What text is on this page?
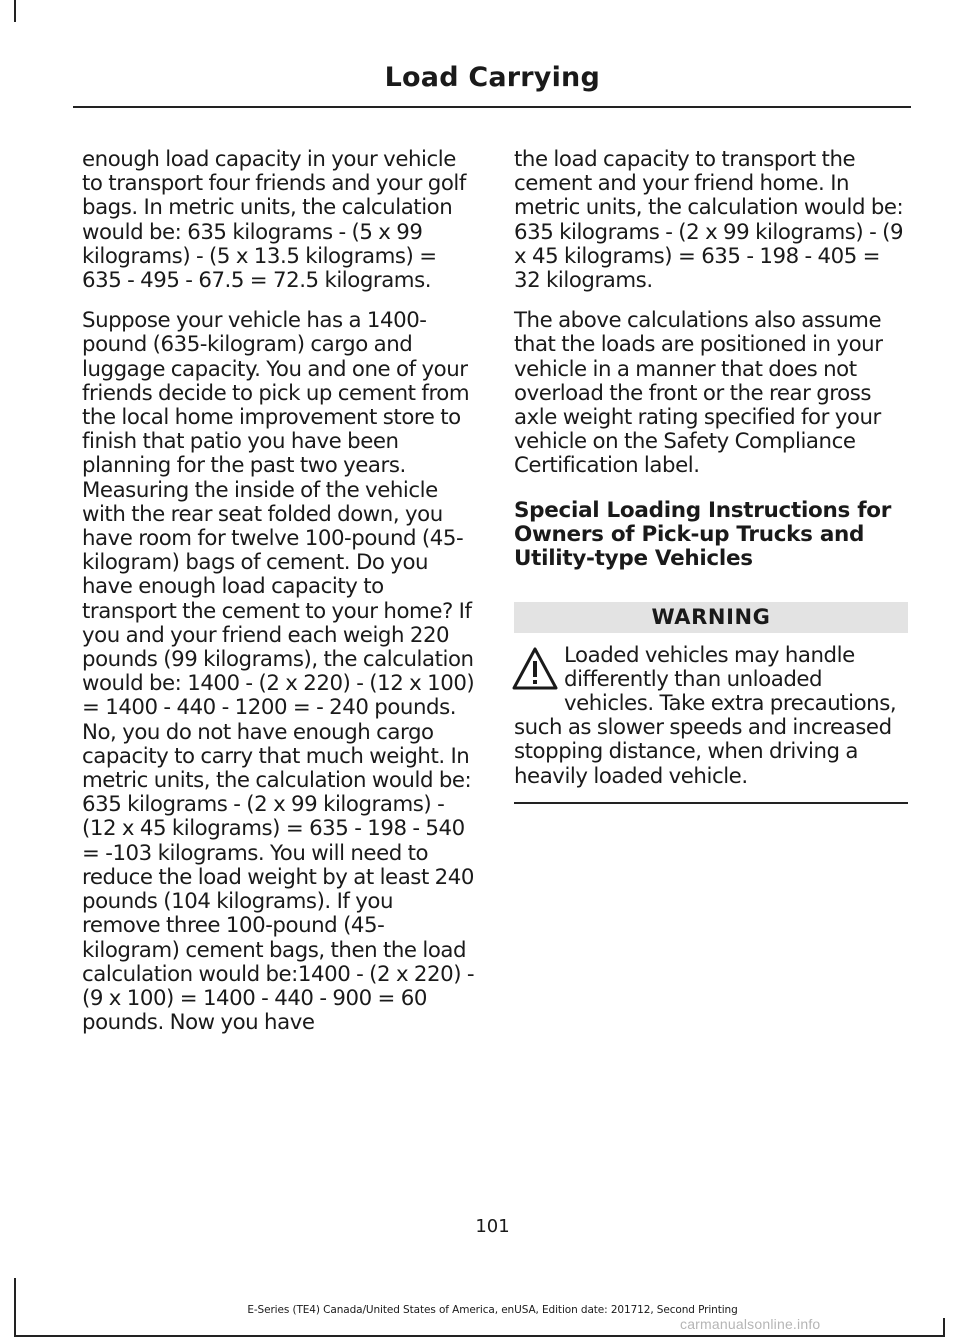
Load Carrying

enough load capacity in your vehicle to transport four friends and your golf bags. In metric units, the calculation would be: 635 kilograms - (5 x 99 kilograms) - (5 x 13.5 kilograms) = 635 - 495 - 67.5 = 72.5 kilograms.

Suppose your vehicle has a 1400-pound (635-kilogram) cargo and luggage capacity. You and one of your friends decide to pick up cement from the local home improvement store to finish that patio you have been planning for the past two years. Measuring the inside of the vehicle with the rear seat folded down, you have room for twelve 100-pound (45-kilogram) bags of cement. Do you have enough load capacity to transport the cement to your home? If you and your friend each weigh 220 pounds (99 kilograms), the calculation would be: 1400 - (2 x 220) - (12 x 100) = 1400 - 440 - 1200 = - 240 pounds. No, you do not have enough cargo capacity to carry that much weight. In metric units, the calculation would be: 635 kilograms - (2 x 99 kilograms) - (12 x 45 kilograms) = 635 - 198 - 540 = -103 kilograms. You will need to reduce the load weight by at least 240 pounds (104 kilograms). If you remove three 100-pound (45-kilogram) cement bags, then the load calculation would be:1400 - (2 x 220) - (9 x 100) = 1400 - 440 - 900 = 60 pounds. Now you have

the load capacity to transport the cement and your friend home. In metric units, the calculation would be: 635 kilograms - (2 x 99 kilograms) - (9 x 45 kilograms) = 635 - 198 - 405 = 32 kilograms.

The above calculations also assume that the loads are positioned in your vehicle in a manner that does not overload the front or the rear gross axle weight rating specified for your vehicle on the Safety Compliance Certification label.

Special Loading Instructions for Owners of Pick-up Trucks and Utility-type Vehicles
WARNING

Loaded vehicles may handle differently than unloaded vehicles. Take extra precautions, such as slower speeds and increased stopping distance, when driving a heavily loaded vehicle.

101
E-Series (TE4) Canada/United States of America, enUSA, Edition date: 201712, Second Printing
carmanualsonline.info
